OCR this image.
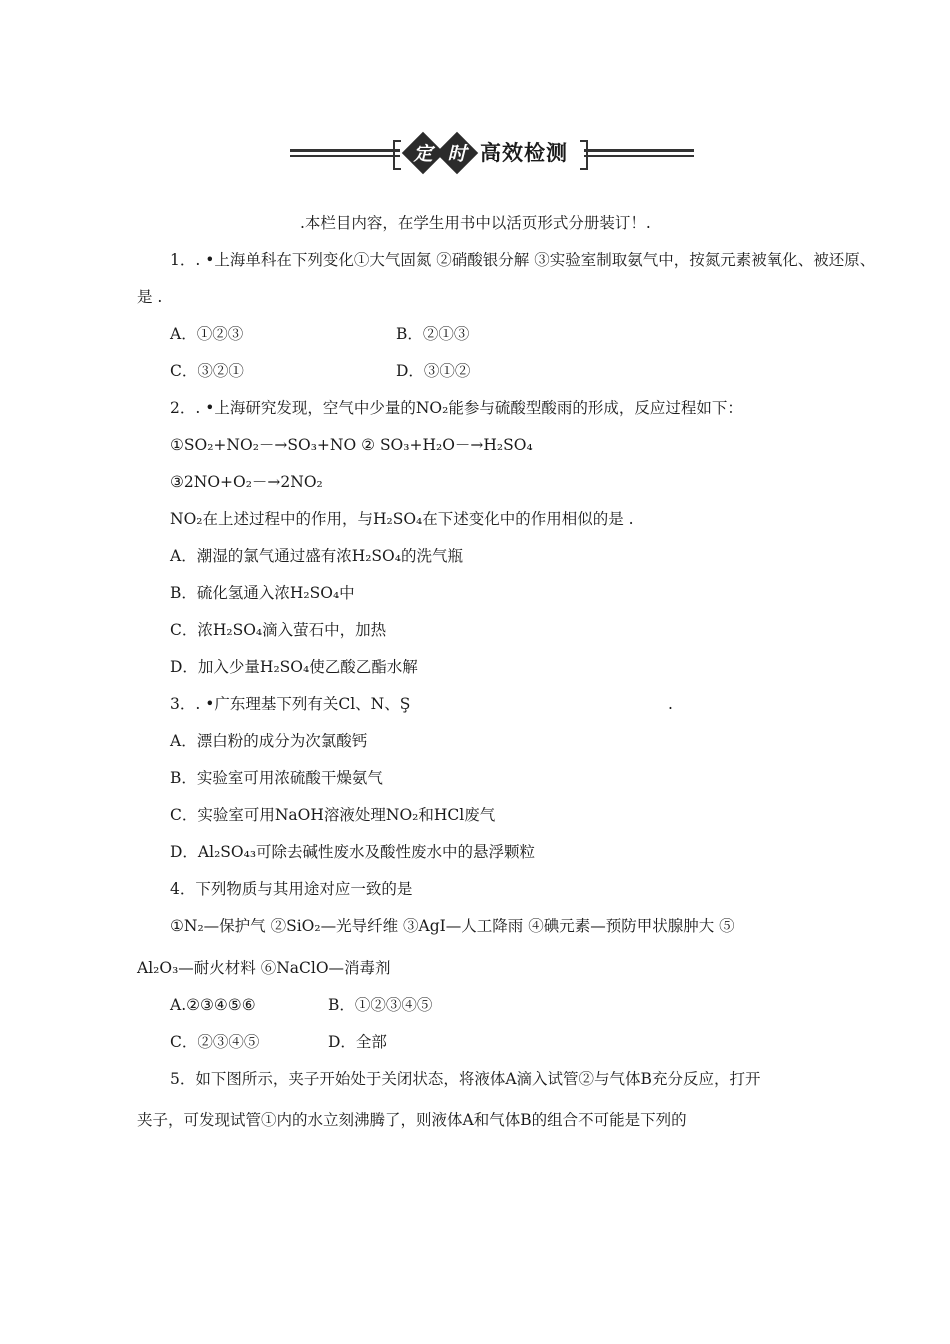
定 时 高效检测
.本栏目内容，在学生用书中以活页形式分册装订！.
1．. •上海单科在下列变化①大气固氮 ②硝酸银分解 ③实验室制取氨气中，按氮元素被氧化、被还原、
是 .
A．①②③	B．②①③
C．③②①	D．③①②
2．. •上海研究发现，空气中少量的NO₂能参与硫酸型酸雨的形成，反应过程如下：
①SO₂+NO₂－→SO₃+NO ② SO₃+H₂O－→H₂SO₄
③2NO+O₂－→2NO₂
NO₂在上述过程中的作用，与H₂SO₄在下述变化中的作用相似的是 .
A．潮湿的氯气通过盛有浓H₂SO₄的洗气瓶
B．硫化氢通入浓H₂SO₄中
C．浓H₂SO₄滴入萤石中，加热
D．加入少量H₂SO₄使乙酸乙酯水解
3．. •广东理基下列有关Cl、N、Ş	.
A．漂白粉的成分为次氯酸钙
B．实验室可用浓硫酸干燥氨气
C．实验室可用NaOH溶液处理NO₂和HCl废气
D．Al₂SO₄₃可除去碱性废水及酸性废水中的悬浮颗粒
4．下列物质与其用途对应一致的是
①N₂—保护气 ②SiO₂—光导纤维 ③AgI—人工降雨 ④碘元素—预防甲状腺肿大 ⑤
Al₂O₃—耐火材料 ⑥NaClO—消毒剂
A.②③④⑤⑥	B．①②③④⑤
C．②③④⑤	D．全部
5．如下图所示，夹子开始处于关闭状态，将液体A滴入试管②与气体B充分反应，打开
夹子，可发现试管①内的水立刻沸腾了，则液体A和气体B的组合不可能是下列的
